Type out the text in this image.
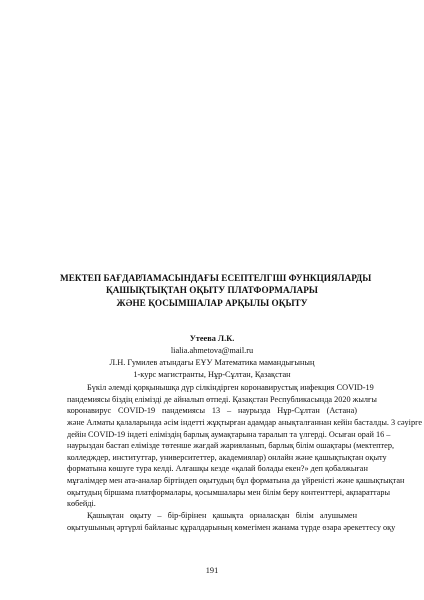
МЕКТЕП БАҒДАРЛАМАСЫНДАҒЫ ЕСЕПТЕЛГІШ ФУНКЦИЯЛАРДЫ
ҚАШЫҚТЫҚТАН ОҚЫТУ ПЛАТФОРМАЛАРЫ
ЖӘНЕ ҚОСЫМШАЛАР АРҚЫЛЫ ОҚЫТУ
Утеева Л.К.
lialia.ahmetova@mail.ru
Л.Н. Гумилев атындағы ЕҰУ Математика мамандығының
1-курс магистранты, Нұр-Сұлтан, Қазақстан
Бүкіл әлемді қорқынышқа дүр сілкіндірген коронавирустық инфекция COVID-19
пандемиясы біздің елімізді де айналып өтпеді. Қазақстан Республикасында 2020 жылғы
коронавирус COVID-19 пандемиясы 13 – наурызда Нұр-Сұлтан (Астана)
және Алматы қалаларында әсім індетті жұқтырған адамдар анықталғаннан кейін басталды. 3 сәуірге
дейін COVID-19 індеті еліміздің барлық аумақтарына таралып та үлгерді. Осыған орай 16 –
наурыздан бастап елімізде төтенше жағдай жарияланып, барлық білім ошақтары (мектептер,
колледждер, институттар, университеттер, академиялар) онлайн және қашықтықтан оқыту
форматына көшуге тура келді. Алғашқы кезде «қалай болады екен?» деп қобалжыған
мұғалімдер мен ата-аналар біртіндеп оқытудың бұл форматына да үйреністі және қашықтықтан
оқытудың біршама платформалары, қосымшалары мен білім беру контенттері, ақпараттары
көбейді.
Қашықтан оқыту – бір-бірінен қашықта орналасқан білім алушымен
оқытушының әртүрлі байланыс құралдарының көмегімен жанама түрде өзара әрекеттесу оқу
191
